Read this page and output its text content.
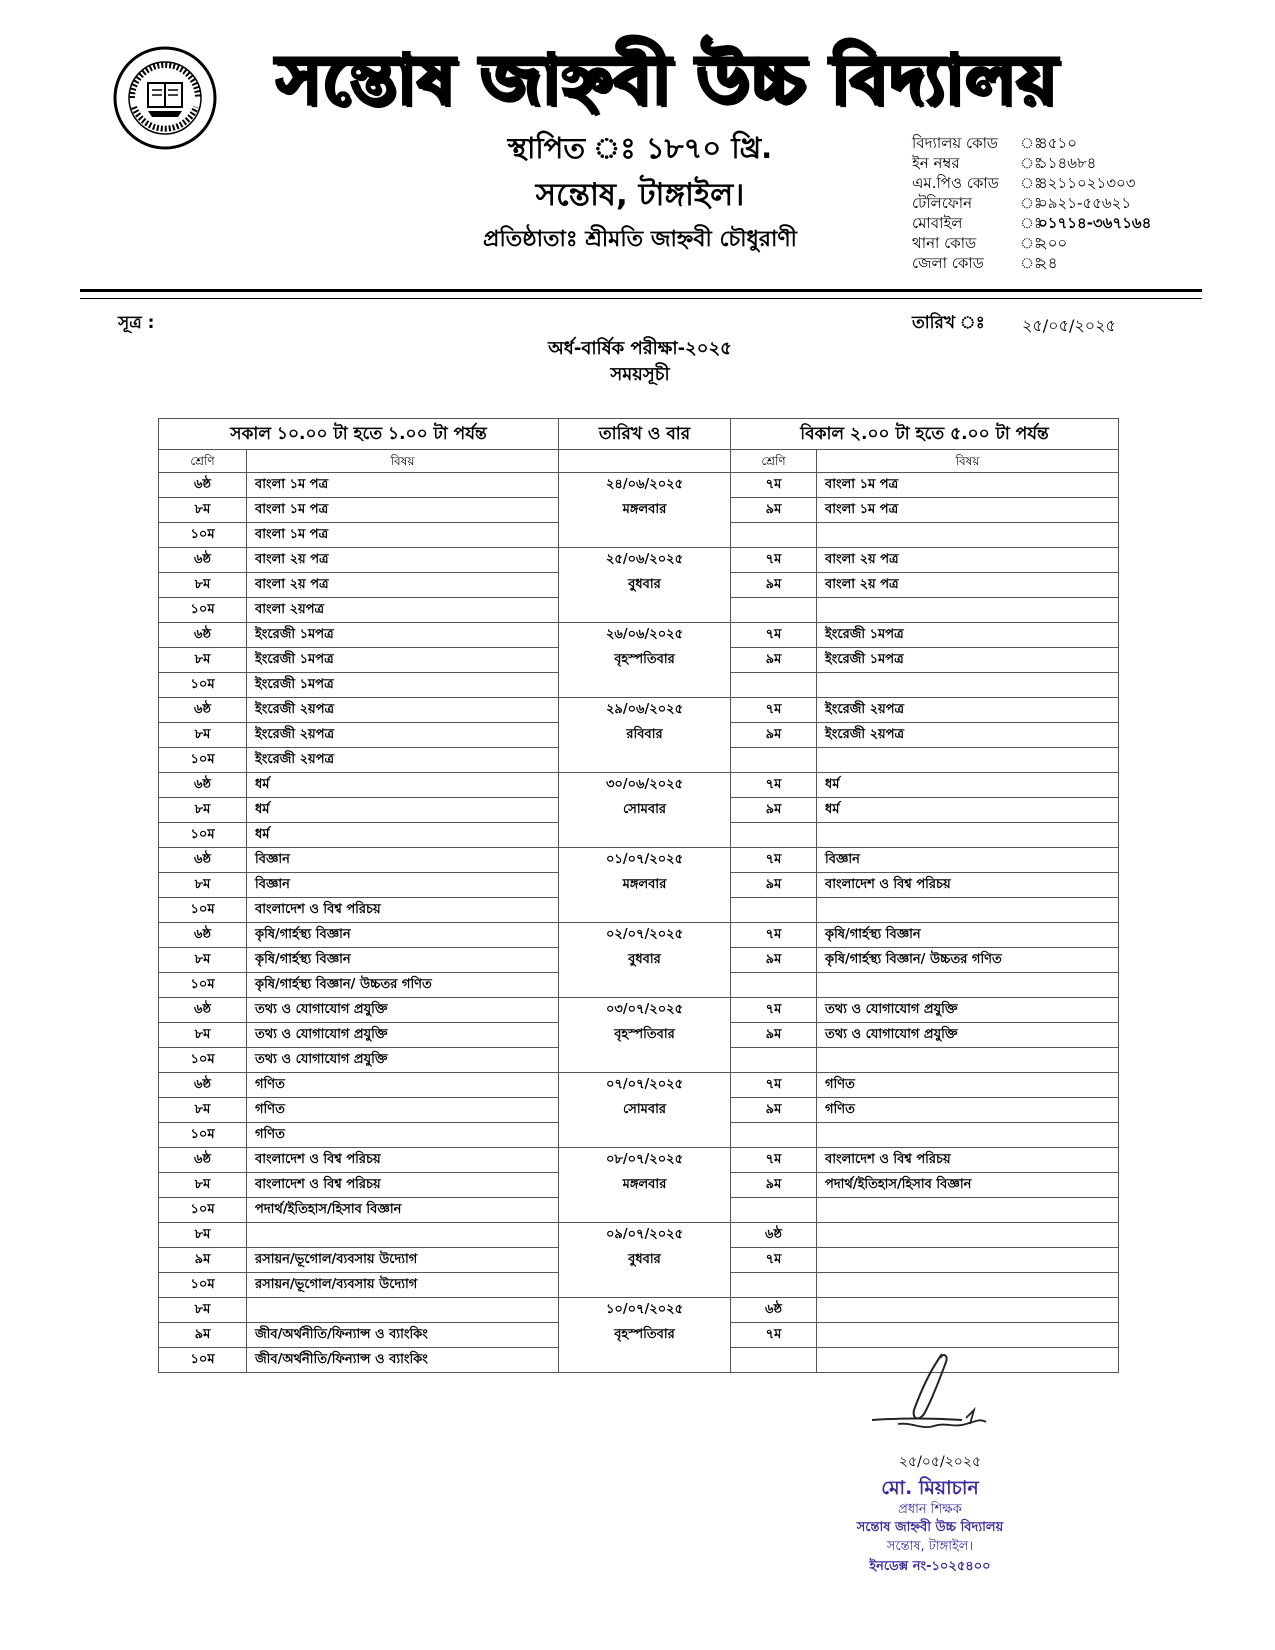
সন্তোষ জাহ্নবী উচ্চ বিদ্যালয়
স্থাপিত ঃ ১৮৭০ খ্রি.
সন্তোষ, টাঙ্গাইল।
প্রতিষ্ঠাতাঃ শ্রীমতি জাহ্নবী চৌধুরাণী
বিদ্যালয় কোড	ঃ
৪৫১০
ইন নম্বর	ঃ
১১৪৬৮৪
এম.পিও কোড	ঃ
৪২১১০২১৩০৩
টেলিফোন	ঃ
০৯২১-৫৫৬২১
মোবাইল	ঃ
০১৭১৪-৩৬৭১৬৪
থানা কোড	ঃ
২০০
জেলা কোড	ঃ
২৪
সূত্র :	তারিখ ঃ ২৫/০৫/২০২৫
অর্ধ-বার্ষিক পরীক্ষা-২০২৫
সময়সূচী
সকাল ১০.০০ টা হতে ১.০০ টা পর্যন্ত		তারিখ ও বার	বিকাল ২.০০ টা হতে ৫.০০ টা পর্যন্ত	
শ্রেণি	বিষয়		শ্রেণি	বিষয়
৬ষ্ঠ	বাংলা ১ম পত্র	২৪/০৬/২০২৫	৭ম	বাংলা ১ম পত্র
৮ম	বাংলা ১ম পত্র	মঙ্গলবার	৯ম	বাংলা ১ম পত্র
১০ম	বাংলা ১ম পত্র			
৬ষ্ঠ	বাংলা ২য় পত্র	২৫/০৬/২০২৫	৭ম	বাংলা ২য় পত্র
৮ম	বাংলা ২য় পত্র	বুধবার	৯ম	বাংলা ২য় পত্র
১০ম	বাংলা ২য়পত্র			
৬ষ্ঠ	ইংরেজী ১মপত্র	২৬/০৬/২০২৫	৭ম	ইংরেজী ১মপত্র
৮ম	ইংরেজী ১মপত্র	বৃহস্পতিবার	৯ম	ইংরেজী ১মপত্র
১০ম	ইংরেজী ১মপত্র			
৬ষ্ঠ	ইংরেজী ২য়পত্র	২৯/০৬/২০২৫	৭ম	ইংরেজী ২য়পত্র
৮ম	ইংরেজী ২য়পত্র	রবিবার	৯ম	ইংরেজী ২য়পত্র
১০ম	ইংরেজী ২য়পত্র			
৬ষ্ঠ	ধর্ম	৩০/০৬/২০২৫	৭ম	ধর্ম
৮ম	ধর্ম	সোমবার	৯ম	ধর্ম
১০ম	ধর্ম			
৬ষ্ঠ	বিজ্ঞান	০১/০৭/২০২৫	৭ম	বিজ্ঞান
৮ম	বিজ্ঞান	মঙ্গলবার	৯ম	বাংলাদেশ ও বিশ্ব পরিচয়
১০ম	বাংলাদেশ ও বিশ্ব পরিচয়			
৬ষ্ঠ	কৃষি/গার্হস্থ্য বিজ্ঞান	০২/০৭/২০২৫	৭ম	কৃষি/গার্হস্থ্য বিজ্ঞান
৮ম	কৃষি/গার্হস্থ্য বিজ্ঞান	বুধবার	৯ম	কৃষি/গার্হস্থ্য বিজ্ঞান/ উচ্চতর গণিত
১০ম	কৃষি/গার্হস্থ্য বিজ্ঞান/ উচ্চতর গণিত			
৬ষ্ঠ	তথ্য ও যোগাযোগ প্রযুক্তি	০৩/০৭/২০২৫	৭ম	তথ্য ও যোগাযোগ প্রযুক্তি
৮ম	তথ্য ও যোগাযোগ প্রযুক্তি	বৃহস্পতিবার	৯ম	তথ্য ও যোগাযোগ প্রযুক্তি
১০ম	তথ্য ও যোগাযোগ প্রযুক্তি			
৬ষ্ঠ	গণিত	০৭/০৭/২০২৫	৭ম	গণিত
৮ম	গণিত	সোমবার	৯ম	গণিত
১০ম	গণিত			
৬ষ্ঠ	বাংলাদেশ ও বিশ্ব পরিচয়	০৮/০৭/২০২৫	৭ম	বাংলাদেশ ও বিশ্ব পরিচয়
৮ম	বাংলাদেশ ও বিশ্ব পরিচয়	মঙ্গলবার	৯ম	পদার্থ/ইতিহাস/হিসাব বিজ্ঞান
১০ম	পদার্থ/ইতিহাস/হিসাব বিজ্ঞান			
৮ম		০৯/০৭/২০২৫	৬ষ্ঠ	
৯ম	রসায়ন/ভূগোল/ব্যবসায় উদ্যোগ	বুধবার	৭ম	
১০ম	রসায়ন/ভূগোল/ব্যবসায় উদ্যোগ			
৮ম		১০/০৭/২০২৫	৬ষ্ঠ	
৯ম	জীব/অর্থনীতি/ফিন্যান্স ও ব্যাংকিং	বৃহস্পতিবার	৭ম	
১০ম	জীব/অর্থনীতি/ফিন্যান্স ও ব্যাংকিং			
২৫/০৫/২০২৫
মো. মিয়াচান
প্রধান শিক্ষক
সন্তোষ জাহ্নবী উচ্চ বিদ্যালয়
সন্তোষ, টাঙ্গাইল।
ইনডেক্স নং-১০২৫৪০০
